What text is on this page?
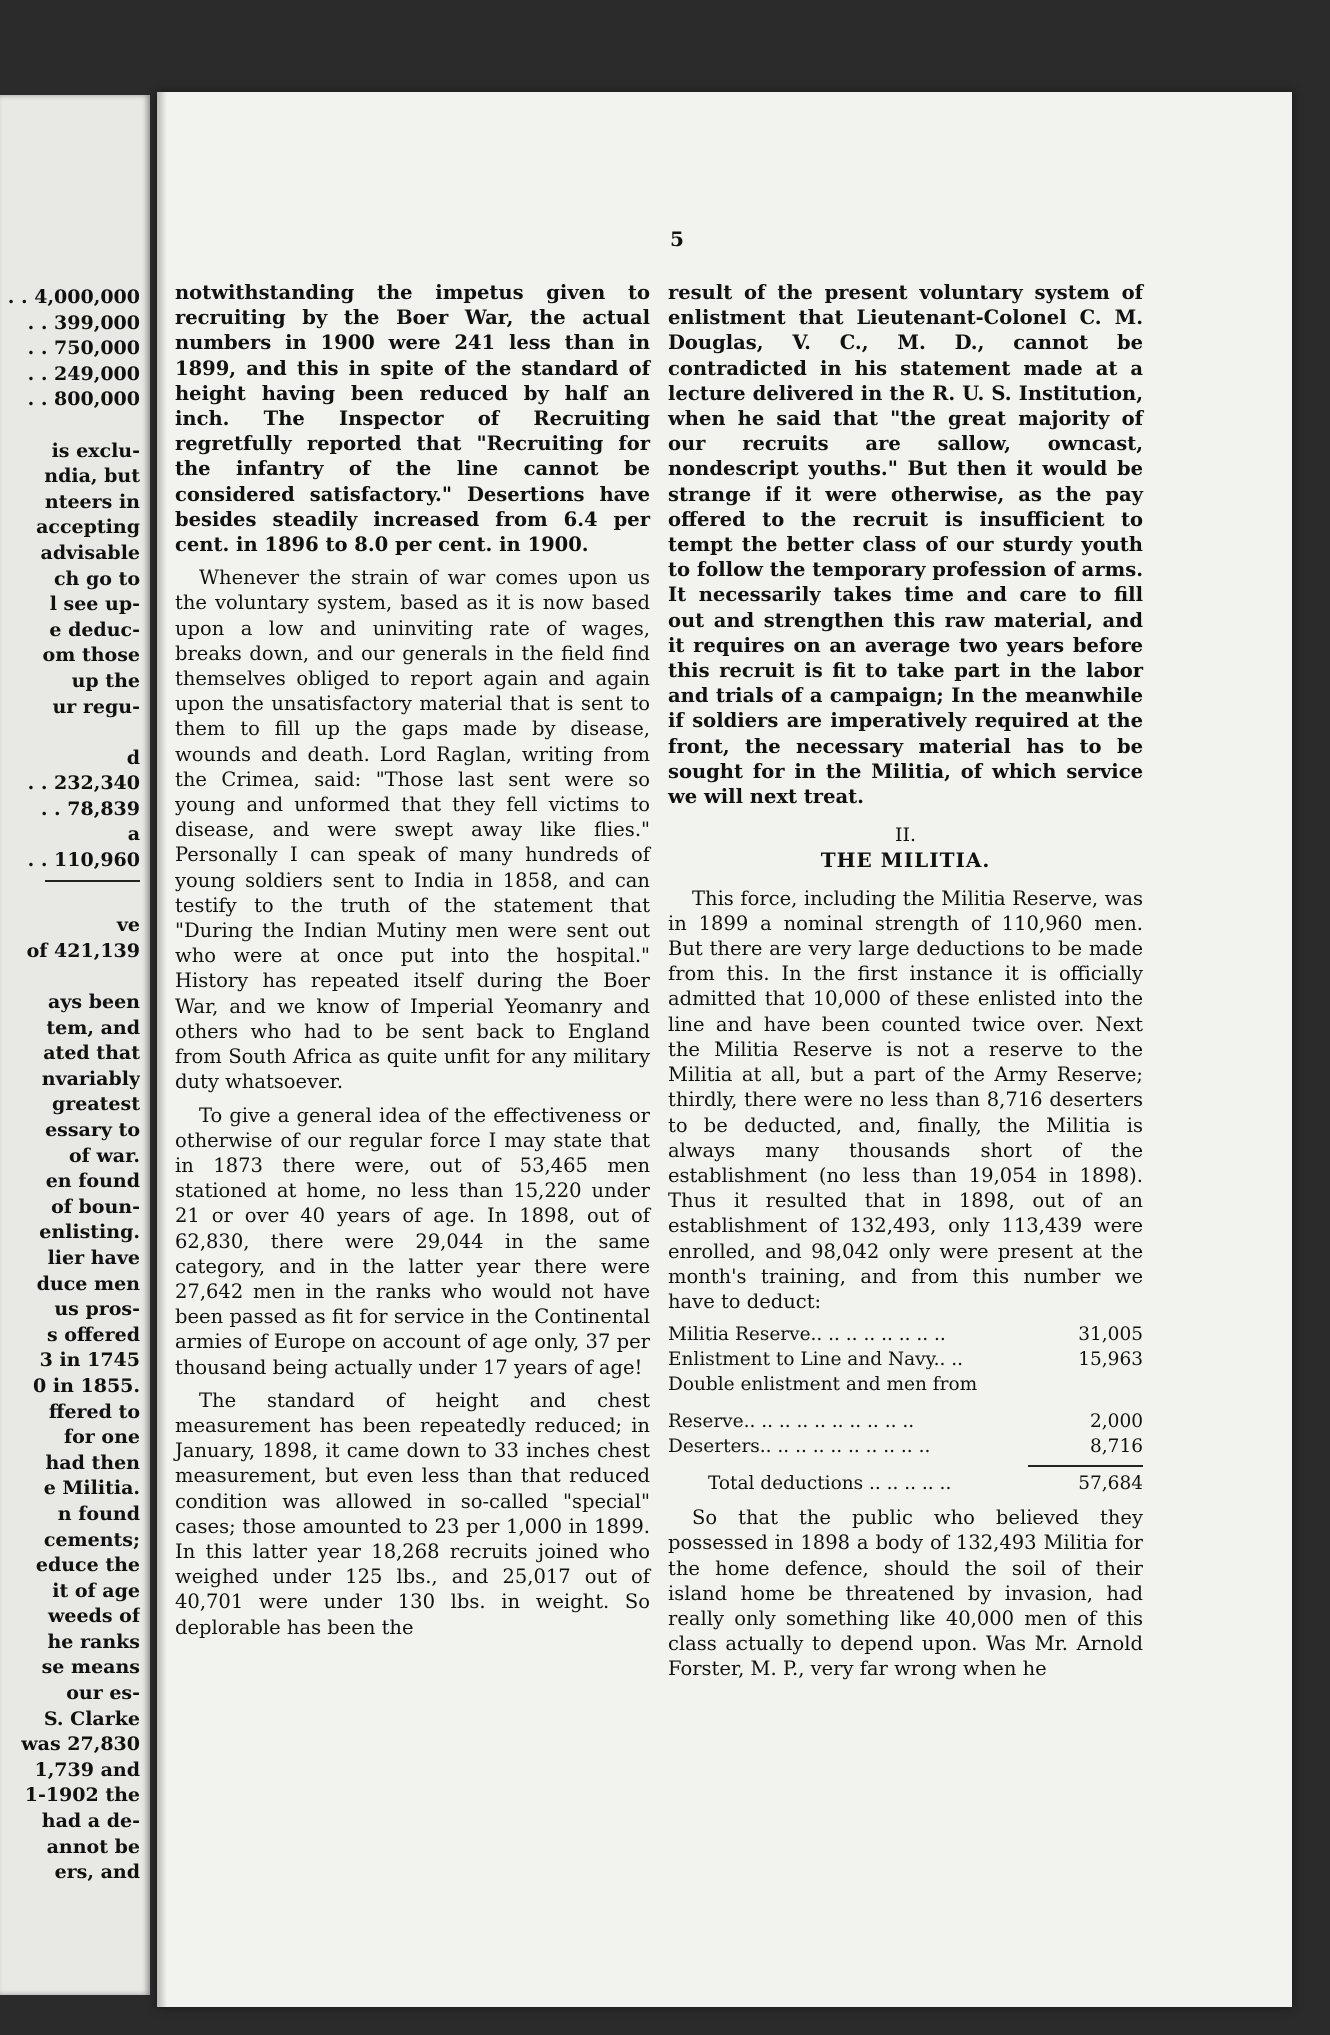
. . 4,000,000
. . 399,000
. . 750,000
. . 249,000
. . 800,000
is exclu-
ndia, but
nteers in
accepting
advisable
ch go to
l see up-
e deduc-
om those
up the
ur regu-
d
. . 232,340
. . 78,839
a
. . 110,960
ve
of 421,139
ays been
tem, and
ated that
nvariably
greatest
essary to
of war.
en found
of boun-
enlisting.
lier have
duce men
us pros-
s offered
3 in 1745
0 in 1855.
ffered to
for one
had then
e Militia.
n found
cements;
educe the
it of age
weeds of
he ranks
se means
our es-
S. Clarke
was 27,830
1,739 and
1-1902 the
had a de-
annot be
ers, and
5

notwithstanding the impetus given to recruiting by the Boer War, the actual numbers in 1900 were 241 less than in 1899, and this in spite of the standard of height having been reduced by half an inch. The Inspector of Recruiting regretfully reported that "Recruiting for the infantry of the line cannot be considered satisfactory." Desertions have besides steadily increased from 6.4 per cent. in 1896 to 8.0 per cent. in 1900.

Whenever the strain of war comes upon us the voluntary system, based as it is now based upon a low and uninviting rate of wages, breaks down, and our generals in the field find themselves obliged to report again and again upon the unsatisfactory material that is sent to them to fill up the gaps made by disease, wounds and death. Lord Raglan, writing from the Crimea, said: "Those last sent were so young and unformed that they fell victims to disease, and were swept away like flies." Personally I can speak of many hundreds of young soldiers sent to India in 1858, and can testify to the truth of the statement that "During the Indian Mutiny men were sent out who were at once put into the hospital." History has repeated itself during the Boer War, and we know of Imperial Yeomanry and others who had to be sent back to England from South Africa as quite unfit for any military duty whatsoever.

To give a general idea of the effectiveness or otherwise of our regular force I may state that in 1873 there were, out of 53,465 men stationed at home, no less than 15,220 under 21 or over 40 years of age. In 1898, out of 62,830, there were 29,044 in the same category, and in the latter year there were 27,642 men in the ranks who would not have been passed as fit for service in the Continental armies of Europe on account of age only, 37 per thousand being actually under 17 years of age!

The standard of height and chest measurement has been repeatedly reduced; in January, 1898, it came down to 33 inches chest measurement, but even less than that reduced condition was allowed in so-called "special" cases; those amounted to 23 per 1,000 in 1899. In this latter year 18,268 recruits joined who weighed under 125 lbs., and 25,017 out of 40,701 were under 130 lbs. in weight. So deplorable has been the

result of the present voluntary system of enlistment that Lieutenant-Colonel C. M. Douglas, V. C., M. D., cannot be contradicted in his statement made at a lecture delivered in the R. U. S. Institution, when he said that "the great majority of our recruits are sallow, owncast, nondescript youths." But then it would be strange if it were otherwise, as the pay offered to the recruit is insufficient to tempt the better class of our sturdy youth to follow the temporary profession of arms. It necessarily takes time and care to fill out and strengthen this raw material, and it requires on an average two years before this recruit is fit to take part in the labor and trials of a campaign; In the meanwhile if soldiers are imperatively required at the front, the necessary material has to be sought for in the Militia, of which service we will next treat.

II.
THE MILITIA.

This force, including the Militia Reserve, was in 1899 a nominal strength of 110,960 men. But there are very large deductions to be made from this. In the first instance it is officially admitted that 10,000 of these enlisted into the line and have been counted twice over. Next the Militia Reserve is not a reserve to the Militia at all, but a part of the Army Reserve; thirdly, there were no less than 8,716 deserters to be deducted, and, finally, the Militia is always many thousands short of the establishment (no less than 19,054 in 1898). Thus it resulted that in 1898, out of an establishment of 132,493, only 113,439 were enrolled, and 98,042 only were present at the month's training, and from this number we have to deduct:

Militia Reserve.. .. .. .. .. .. .. ..	31,005
Enlistment to Line and Navy.. ..	15,963
Double enlistment and men from
Reserve.. .. .. .. .. .. .. .. .. ..	2,000
Deserters.. .. .. .. .. .. .. .. .. ..	8,716
Total deductions .. .. .. .. ..	57,684

So that the public who believed they possessed in 1898 a body of 132,493 Militia for the home defence, should the soil of their island home be threatened by invasion, had really only something like 40,000 men of this class actually to depend upon. Was Mr. Arnold Forster, M. P., very far wrong when he
